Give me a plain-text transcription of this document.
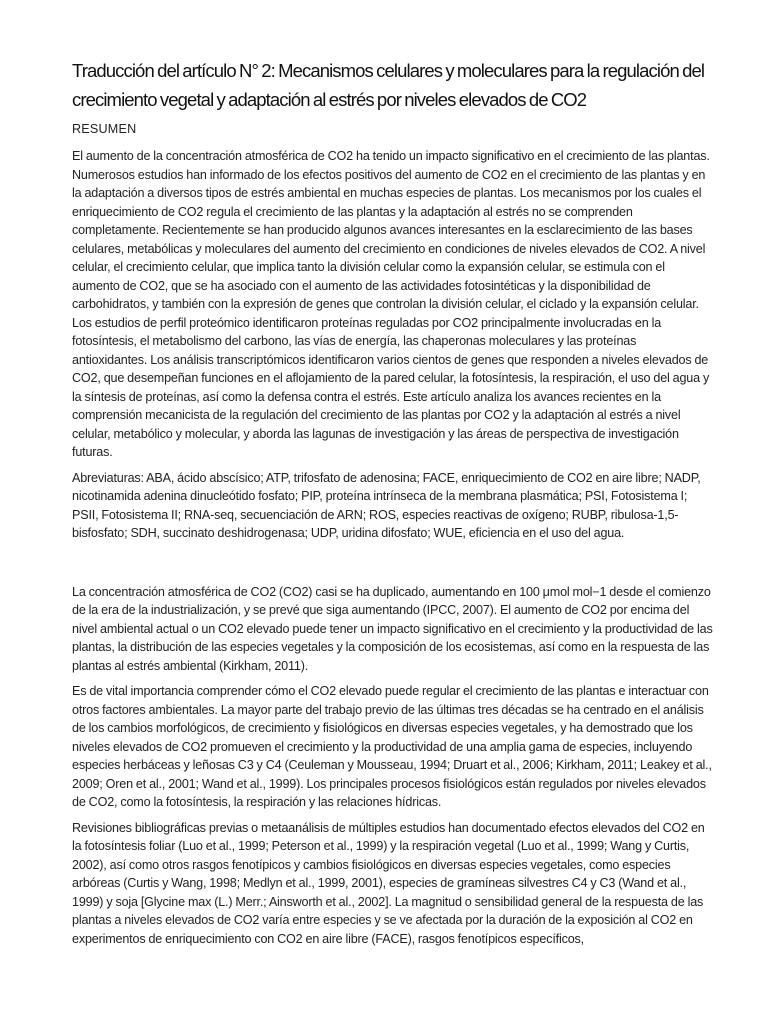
Traducción del artículo N° 2: Mecanismos celulares y moleculares para la regulación del crecimiento vegetal y adaptación al estrés por niveles elevados de CO2
RESUMEN

El aumento de la concentración atmosférica de CO2 ha tenido un impacto significativo en el crecimiento de las plantas. Numerosos estudios han informado de los efectos positivos del aumento de CO2 en el crecimiento de las plantas y en la adaptación a diversos tipos de estrés ambiental en muchas especies de plantas. Los mecanismos por los cuales el enriquecimiento de CO2 regula el crecimiento de las plantas y la adaptación al estrés no se comprenden completamente. Recientemente se han producido algunos avances interesantes en la esclarecimiento de las bases celulares, metabólicas y moleculares del aumento del crecimiento en condiciones de niveles elevados de CO2. A nivel celular, el crecimiento celular, que implica tanto la división celular como la expansión celular, se estimula con el aumento de CO2, que se ha asociado con el aumento de las actividades fotosintéticas y la disponibilidad de carbohidratos, y también con la expresión de genes que controlan la división celular, el ciclado y la expansión celular. Los estudios de perfil proteómico identificaron proteínas reguladas por CO2 principalmente involucradas en la fotosíntesis, el metabolismo del carbono, las vías de energía, las chaperonas moleculares y las proteínas antioxidantes. Los análisis transcriptómicos identificaron varios cientos de genes que responden a niveles elevados de CO2, que desempeñan funciones en el aflojamiento de la pared celular, la fotosíntesis, la respiración, el uso del agua y la síntesis de proteínas, así como la defensa contra el estrés. Este artículo analiza los avances recientes en la comprensión mecanicista de la regulación del crecimiento de las plantas por CO2 y la adaptación al estrés a nivel celular, metabólico y molecular, y aborda las lagunas de investigación y las áreas de perspectiva de investigación futuras.

Abreviaturas: ABA, ácido abscísico; ATP, trifosfato de adenosina; FACE, enriquecimiento de CO2 en aire libre; NADP, nicotinamida adenina dinucleótido fosfato; PIP, proteína intrínseca de la membrana plasmática; PSI, Fotosistema I; PSII, Fotosistema II; RNA-seq, secuenciación de ARN; ROS, especies reactivas de oxígeno; RUBP, ribulosa-1,5-bisfosfato; SDH, succinato deshidrogenasa; UDP, uridina difosfato; WUE, eficiencia en el uso del agua.

La concentración atmosférica de CO2 (CO2) casi se ha duplicado, aumentando en 100 μmol mol−1 desde el comienzo de la era de la industrialización, y se prevé que siga aumentando (IPCC, 2007). El aumento de CO2 por encima del nivel ambiental actual o un CO2 elevado puede tener un impacto significativo en el crecimiento y la productividad de las plantas, la distribución de las especies vegetales y la composición de los ecosistemas, así como en la respuesta de las plantas al estrés ambiental (Kirkham, 2011).

Es de vital importancia comprender cómo el CO2 elevado puede regular el crecimiento de las plantas e interactuar con otros factores ambientales. La mayor parte del trabajo previo de las últimas tres décadas se ha centrado en el análisis de los cambios morfológicos, de crecimiento y fisiológicos en diversas especies vegetales, y ha demostrado que los niveles elevados de CO2 promueven el crecimiento y la productividad de una amplia gama de especies, incluyendo especies herbáceas y leñosas C3 y C4 (Ceuleman y Mousseau, 1994; Druart et al., 2006; Kirkham, 2011; Leakey et al., 2009; Oren et al., 2001; Wand et al., 1999). Los principales procesos fisiológicos están regulados por niveles elevados de CO2, como la fotosíntesis, la respiración y las relaciones hídricas.

Revisiones bibliográficas previas o metaanálisis de múltiples estudios han documentado efectos elevados del CO2 en la fotosíntesis foliar (Luo et al., 1999; Peterson et al., 1999) y la respiración vegetal (Luo et al., 1999; Wang y Curtis, 2002), así como otros rasgos fenotípicos y cambios fisiológicos en diversas especies vegetales, como especies arbóreas (Curtis y Wang, 1998; Medlyn et al., 1999, 2001), especies de gramíneas silvestres C4 y C3 (Wand et al., 1999) y soja [Glycine max (L.) Merr.; Ainsworth et al., 2002]. La magnitud o sensibilidad general de la respuesta de las plantas a niveles elevados de CO2 varía entre especies y se ve afectada por la duración de la exposición al CO2 en experimentos de enriquecimiento con CO2 en aire libre (FACE), rasgos fenotípicos específicos,
